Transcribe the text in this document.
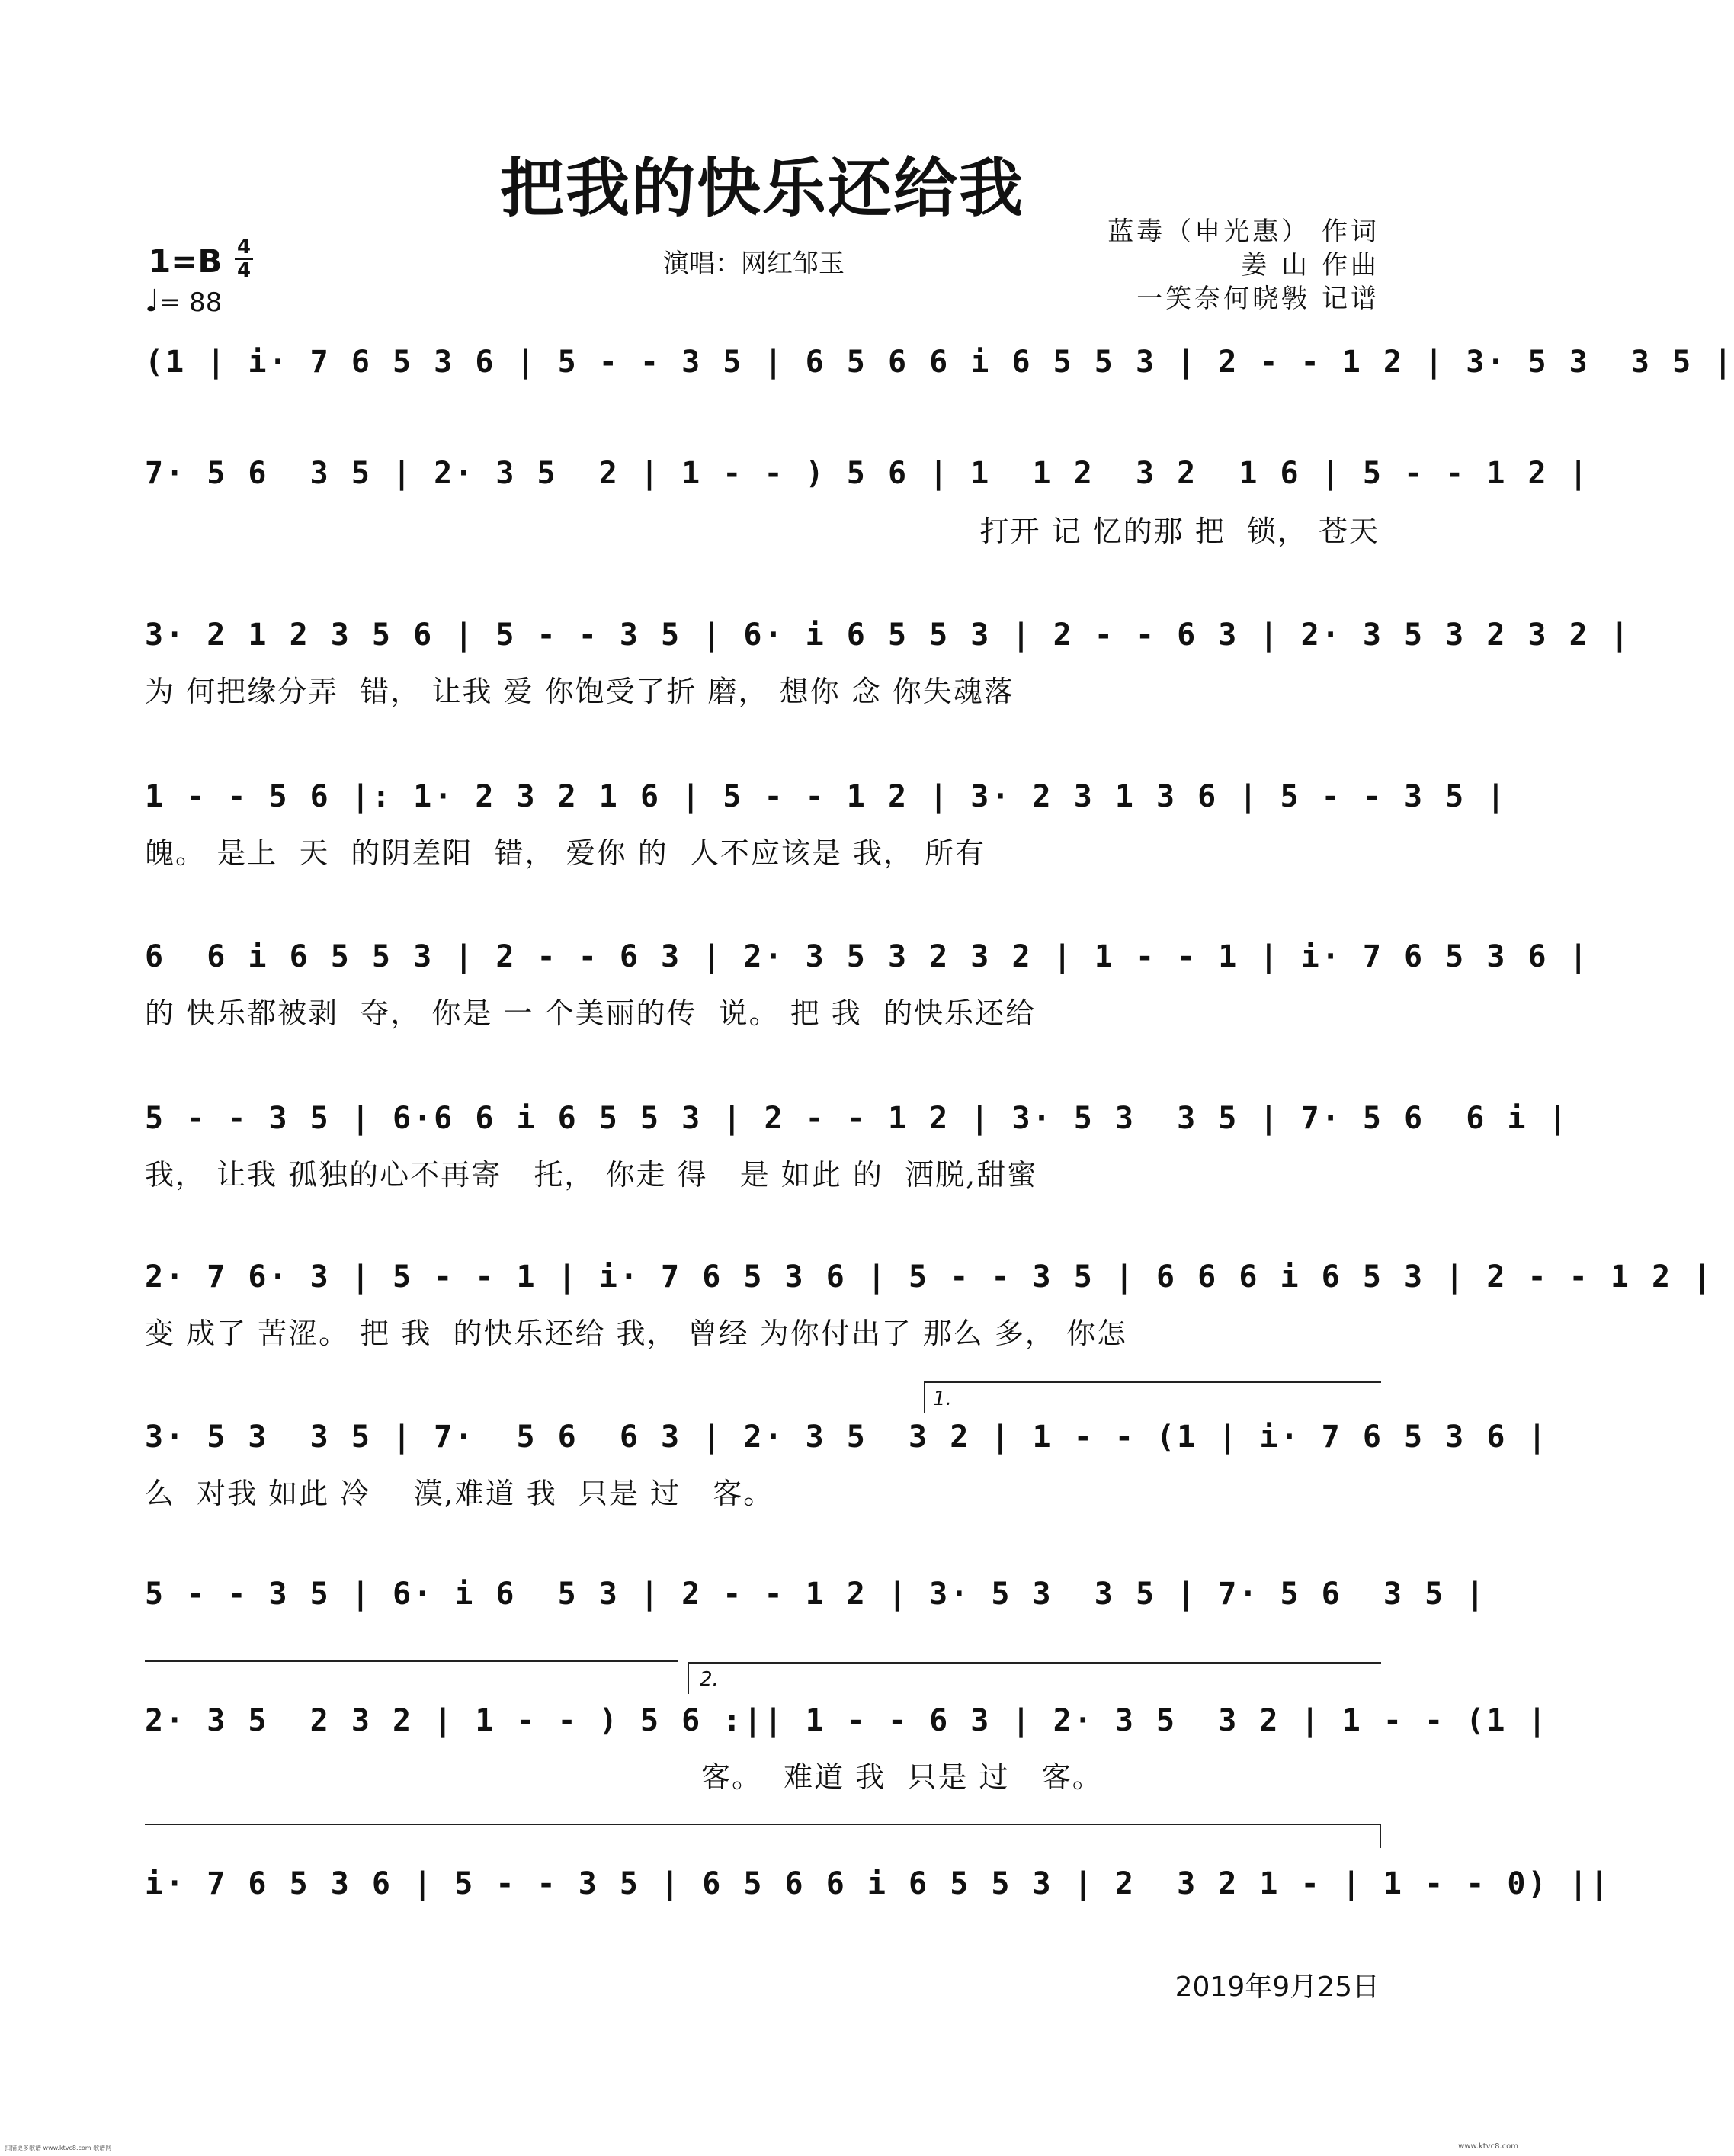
把我的快乐还给我
蓝毒（申光惠） 作词
姜 山 作曲
一笑奈何晓斅 记谱
1=B 4
4
♩= 88
演唱：网红邹玉
(1 | i· 7 6 5 3 6 | 5 - - 3 5 | 6 5 6 6 i 6 5 5 3 | 2 - - 1 2 | 3· 5 3  3 5 |
7· 5 6  3 5 | 2· 3 5  2 | 1 - - ) 5 6 | 1  1 2  3 2  1 6 | 5 - - 1 2 |
打开 记 忆的那 把  锁， 苍天
3· 2 1 2 3 5 6 | 5 - - 3 5 | 6· i 6 5 5 3 | 2 - - 6 3 | 2· 3 5 3 2 3 2 |
为 何把缘分弄  错， 让我 爱 你饱受了折 磨， 想你 念 你失魂落
1 - - 5 6 |: 1· 2 3 2 1 6 | 5 - - 1 2 | 3· 2 3 1 3 6 | 5 - - 3 5 |
魄。 是上  天  的阴差阳  错， 爱你 的  人不应该是 我， 所有
6  6 i 6 5 5 3 | 2 - - 6 3 | 2· 3 5 3 2 3 2 | 1 - - 1 | i· 7 6 5 3 6 |
的 快乐都被剥  夺， 你是 一 个美丽的传  说。 把 我  的快乐还给
5 - - 3 5 | 6·6 6 i 6 5 5 3 | 2 - - 1 2 | 3· 5 3  3 5 | 7· 5 6  6 i |
我， 让我 孤独的心不再寄   托， 你走 得   是 如此 的  洒脱,甜蜜
2· 7 6· 3 | 5 - - 1 | i· 7 6 5 3 6 | 5 - - 3 5 | 6 6 6 i 6 5 3 | 2 - - 1 2 |
变 成了 苦涩。 把 我  的快乐还给 我， 曾经 为你付出了 那么 多， 你怎
1.
3· 5 3  3 5 | 7·  5 6  6 3 | 2· 3 5  3 2 | 1 - - (1 | i· 7 6 5 3 6 |
么  对我 如此 冷    漠,难道 我  只是 过   客。
5 - - 3 5 | 6· i 6  5 3 | 2 - - 1 2 | 3· 5 3  3 5 | 7· 5 6  3 5 |
2.
2· 3 5  2 3 2 | 1 - - ) 5 6 :|| 1 - - 6 3 | 2· 3 5  3 2 | 1 - - (1 |
客。  难道 我  只是 过   客。
i· 7 6 5 3 6 | 5 - - 3 5 | 6 5 6 6 i 6 5 5 3 | 2  3 2 1 - | 1 - - 0) ||
2019年9月25日
扫描更多歌谱 www.ktvc8.com 歌谱网	www.ktvc8.com
